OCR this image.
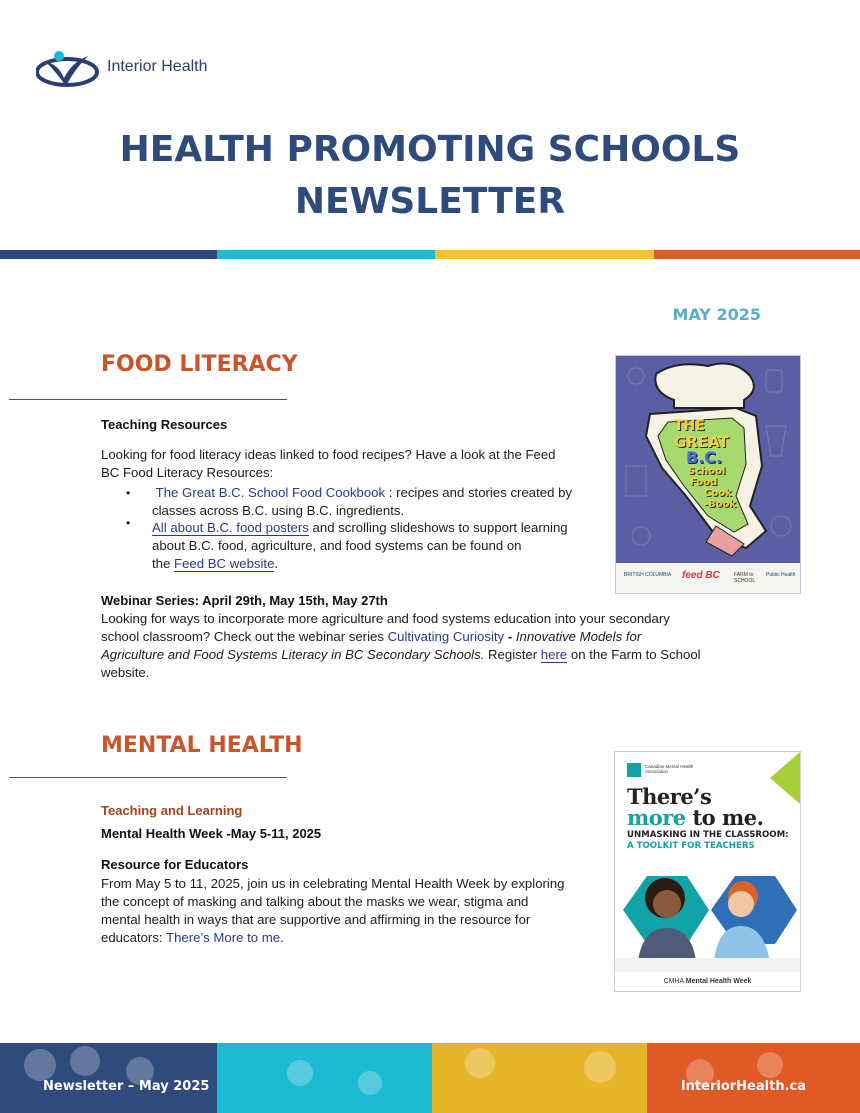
Interior Health
HEALTH PROMOTING SCHOOLS
NEWSLETTER
MAY 2025
FOOD LITERACY
Teaching Resources
Looking for food literacy ideas linked to food recipes? Have a look at the Feed
BC Food Literacy Resources:
• The Great B.C. School Food Cookbook : recipes and stories created by
classes across B.C. using B.C. ingredients.
• All about B.C. food posters and scrolling slideshows to support learning
about B.C. food, agriculture, and food systems can be found on
the Feed BC website.
Webinar Series: April 29th, May 15th, May 27th
Looking for ways to incorporate more agriculture and food systems education into your secondary
school classroom? Check out the webinar series Cultivating Curiosity - Innovative Models for
Agriculture and Food Systems Literacy in BC Secondary Schools. Register here on the Farm to School
website.
THE
GREAT
B.C.
School
Food
Cook
-Book
BRITISH COLUMBIA feed BC	FARM to SCHOOL
Public Health
MENTAL HEALTH
Teaching and Learning
Mental Health Week -May 5-11, 2025
Resource for Educators
From May 5 to 11, 2025, join us in celebrating Mental Health Week by exploring
the concept of masking and talking about the masks we wear, stigma and
mental health in ways that are supportive and affirming in the resource for
educators: There’s More to me.
Canadian Mental Health Association
There’s
more to me.
UNMASKING IN THE CLASSROOM:
A TOOLKIT FOR TEACHERS
CMHA Mental Health Week
Newsletter – May 2025	InteriorHealth.ca
